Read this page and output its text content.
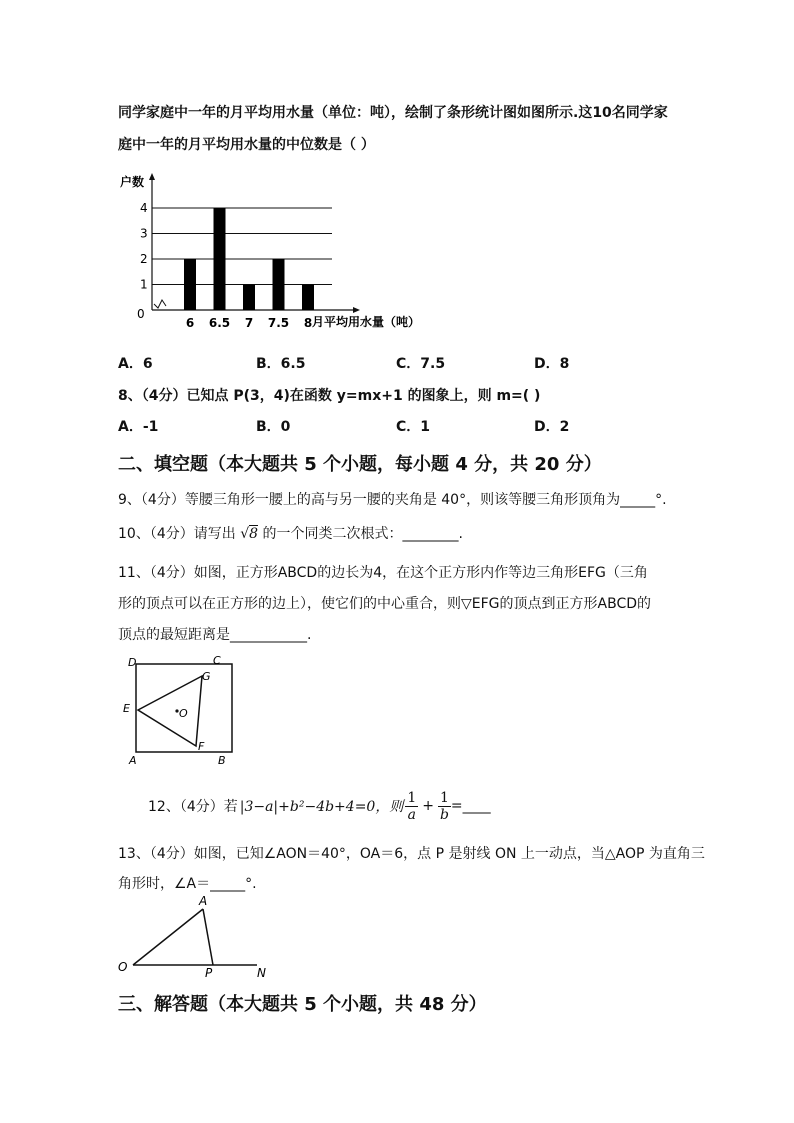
同学家庭中一年的月平均用水量（单位：吨），绘制了条形统计图如图所示.这10名同学家
庭中一年的月平均用水量的中位数是（ ）
户数
0
1
2
3
4
6 6.5 7 7.5 8 月平均用水量（吨）
A．6	B．6.5	C．7.5	D．8
8、（4分）已知点 P(3，4)在函数 y=mx+1 的图象上，则 m=( )
A．-1	B．0	C．1	D．2
二、填空题（本大题共 5 个小题，每小题 4 分，共 20 分）
9、（4分）等腰三角形一腰上的高与另一腰的夹角是 40°，则该等腰三角形顶角为_____°.
10、（4分）请写出 √8 的一个同类二次根式：________.
11、（4分）如图，正方形ABCD的边长为4，在这个正方形内作等边三角形EFG（三角
形的顶点可以在正方形的边上），使它们的中心重合，则▽EFG的顶点到正方形ABCD的
顶点的最短距离是___________.
D	C
G
E	O
F
A	B
12、（4分）若 |3−a|+b²−4b+4=0，则 $\frac{1}{a} + \frac{1}{b}$ =____
13、（4分）如图，已知∠AON＝40°，OA＝6，点 P 是射线 ON 上一动点，当△AOP 为直角三
角形时，∠A＝_____°.
A
O	P	N
三、解答题（本大题共 5 个小题，共 48 分）
